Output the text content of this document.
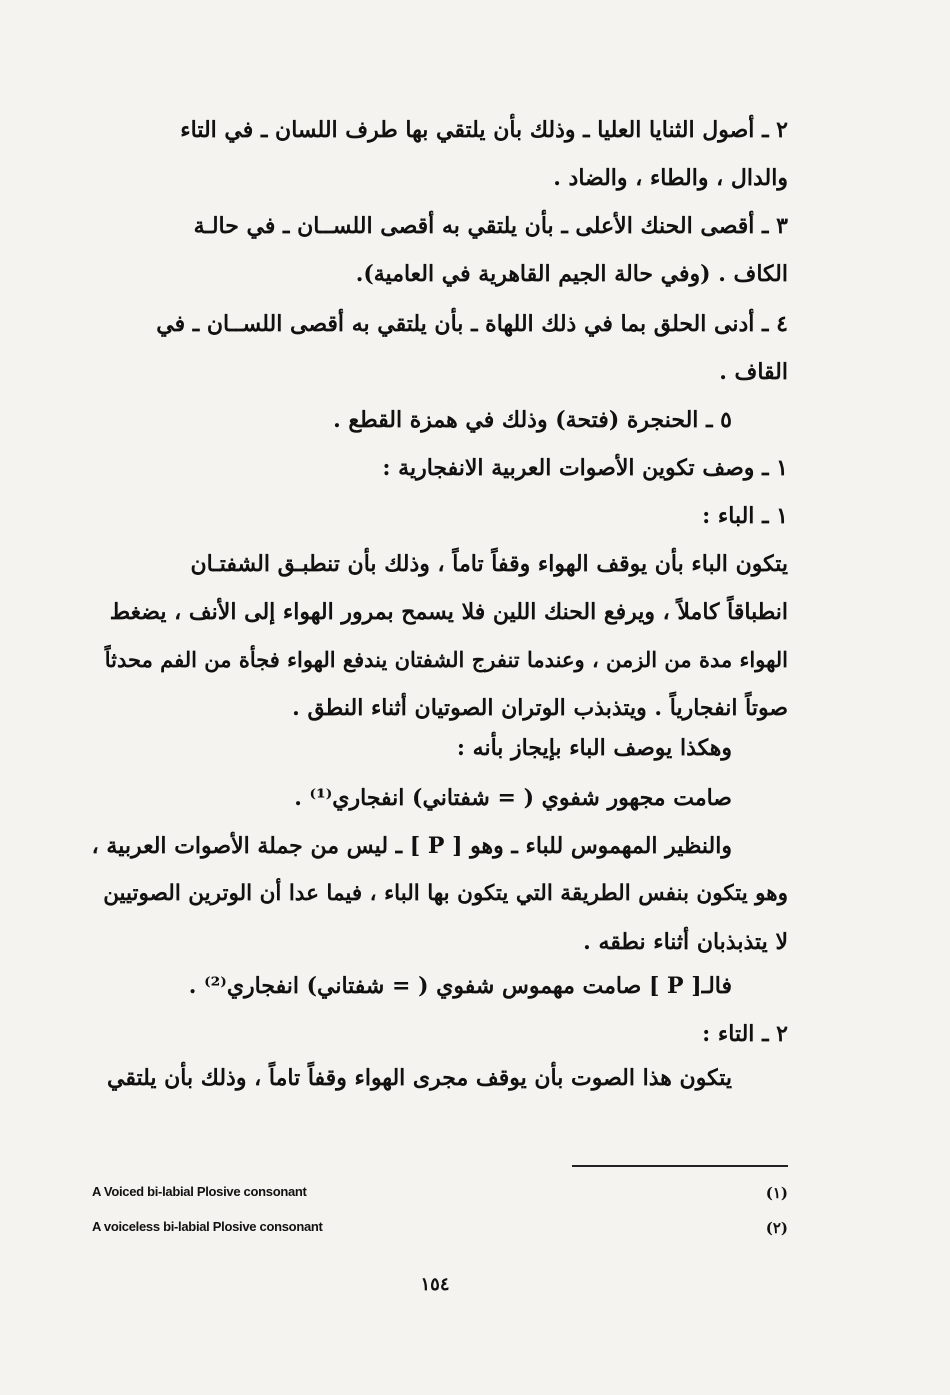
٢ ـ أصول الثنايا العليا ـ وذلك بأن يلتقي بها طرف اللسان ـ في التاء
والدال ، والطاء ، والضاد .
٣ ـ أقصى الحنك الأعلى ـ بأن يلتقي به أقصى اللســان ـ في حالـة
الكاف . (وفي حالة الجيم القاهرية في العامية).
٤ ـ أدنى الحلق بما في ذلك اللهاة ـ بأن يلتقي به أقصى اللســان ـ في
القاف .
٥ ـ الحنجرة (فتحة) وذلك في همزة القطع .
١ ـ وصف تكوين الأصوات العربية الانفجارية :
١ ـ الباء :
يتكون الباء بأن يوقف الهواء وقفاً تاماً ، وذلك بأن تنطبـق الشفتـان
انطباقاً كاملاً ، ويرفع الحنك اللين فلا يسمح بمرور الهواء إلى الأنف ، يضغط
الهواء مدة من الزمن ، وعندما تنفرج الشفتان يندفع الهواء فجأة من الفم محدثاً
صوتاً انفجارياً . ويتذبذب الوتران الصوتيان أثناء النطق .
وهكذا يوصف الباء بإيجاز بأنه :
صامت مجهور شفوي ( = شفتاني) انفجاري⁽¹⁾ .
والنظير المهموس للباء ـ وهو [ P ] ـ ليس من جملة الأصوات العربية ،
وهو يتكون بنفس الطريقة التي يتكون بها الباء ، فيما عدا أن الوترين الصوتيين
لا يتذبذبان أثناء نطقه .
فالـ[ P ] صامت مهموس شفوي ( = شفتاني) انفجاري⁽²⁾ .
٢ ـ التاء :
يتكون هذا الصوت بأن يوقف مجرى الهواء وقفاً تاماً ، وذلك بأن يلتقي
A Voiced bi-labial Plosive consonant	(١)
A voiceless bi-labial Plosive consonant	(٢)
١٥٤
